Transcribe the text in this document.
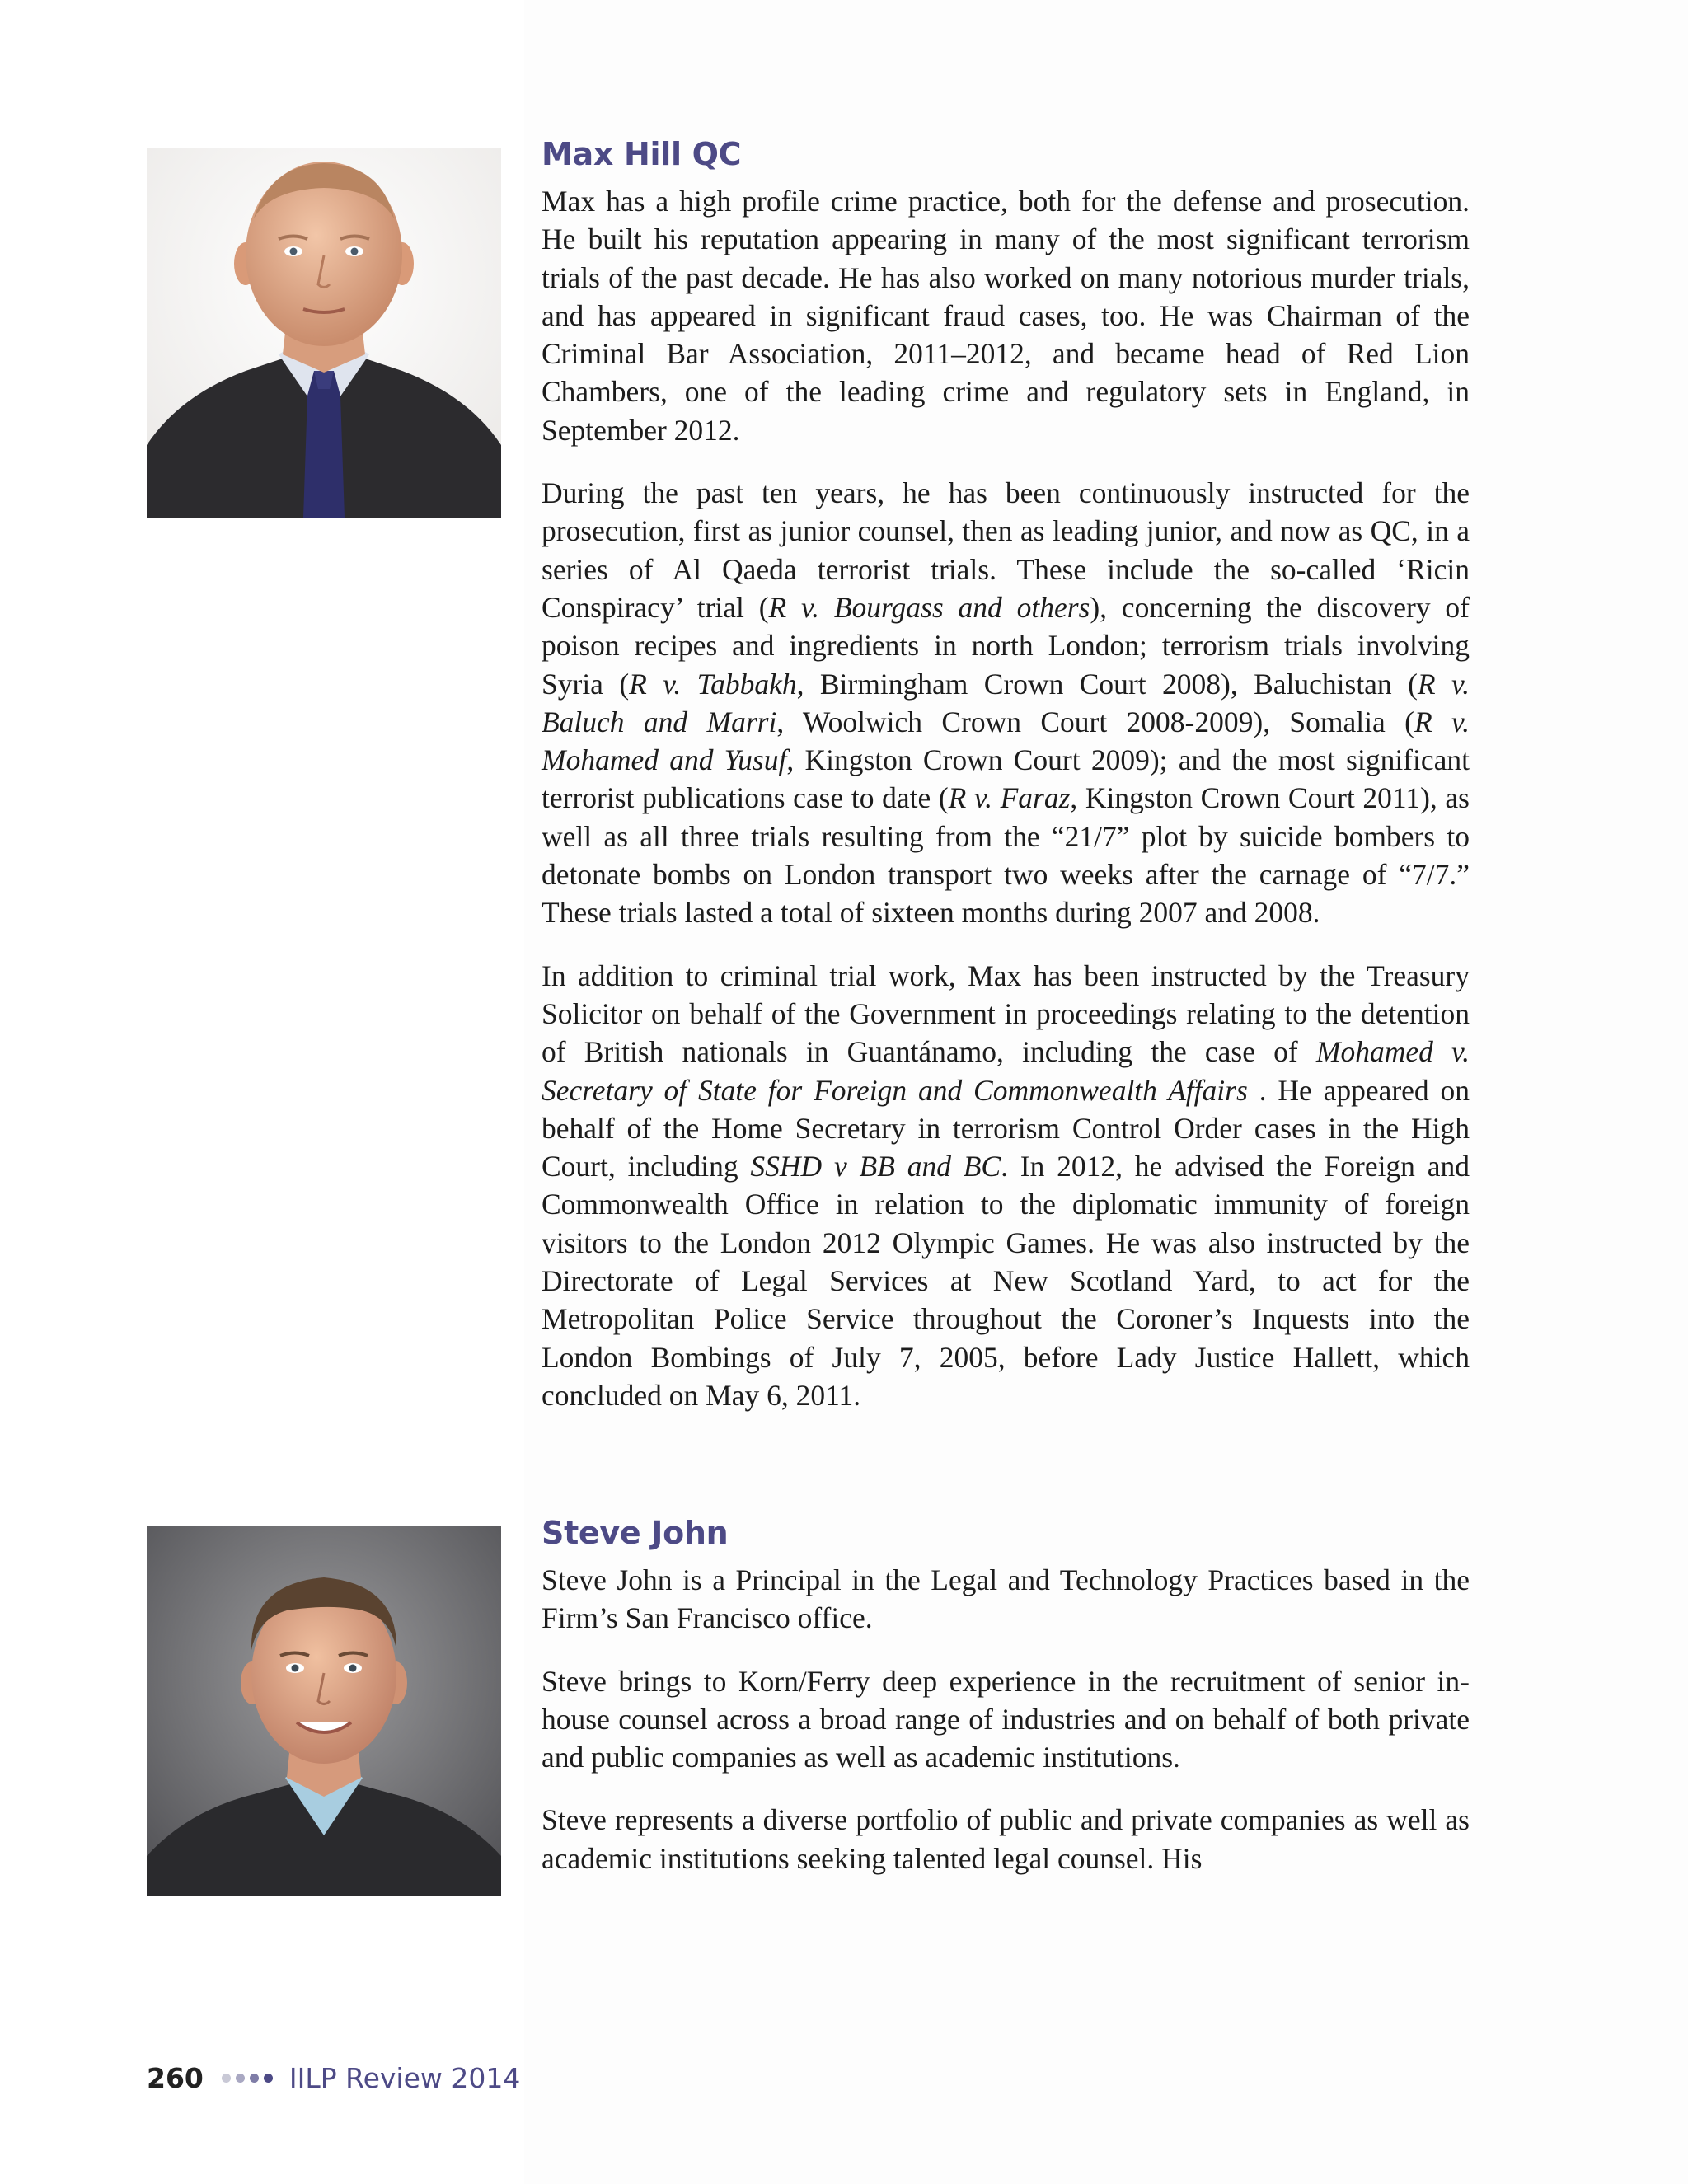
Max Hill QC

Max has a high profile crime practice, both for the defense and prosecution. He built his reputation appearing in many of the most significant terrorism trials of the past decade. He has also worked on many notorious murder trials, and has appeared in significant fraud cases, too. He was Chairman of the Criminal Bar Association, 2011–2012, and became head of Red Lion Chambers, one of the leading crime and regulatory sets in England, in September 2012.

During the past ten years, he has been continuously instructed for the prosecution, first as junior counsel, then as leading junior, and now as QC, in a series of Al Qaeda terrorist trials. These include the so-called ‘Ricin Conspiracy’ trial (R v. Bourgass and others), concerning the discovery of poison recipes and ingredients in north London; terrorism trials involving Syria (R v. Tabbakh, Birmingham Crown Court 2008), Baluchistan (R v. Baluch and Marri, Woolwich Crown Court 2008-2009), Somalia (R v. Mohamed and Yusuf, Kingston Crown Court 2009); and the most significant terrorist publications case to date (R v. Faraz, Kingston Crown Court 2011), as well as all three trials resulting from the “21/7” plot by suicide bombers to detonate bombs on London transport two weeks after the carnage of “7/7.” These trials lasted a total of sixteen months during 2007 and 2008.

In addition to criminal trial work, Max has been instructed by the Treasury Solicitor on behalf of the Government in proceedings relating to the detention of British nationals in Guantánamo, including the case of Mohamed v. Secretary of State for Foreign and Commonwealth Affairs . He appeared on behalf of the Home Secretary in terrorism Control Order cases in the High Court, including SSHD v BB and BC. In 2012, he advised the Foreign and Commonwealth Office in relation to the diplomatic immunity of foreign visitors to the London 2012 Olympic Games. He was also instructed by the Directorate of Legal Services at New Scotland Yard, to act for the Metropolitan Police Service throughout the Coroner’s Inquests into the London Bombings of July 7, 2005, before Lady Justice Hallett, which concluded on May 6, 2011.

Steve John

Steve John is a Principal in the Legal and Technology Practices based in the Firm’s San Francisco office.

Steve brings to Korn/Ferry deep experience in the recruitment of senior in-house counsel across a broad range of industries and on behalf of both private and public companies as well as academic institutions.

Steve represents a diverse portfolio of public and private companies as well as academic institutions seeking talented legal counsel. His

260	IILP Review 2014
